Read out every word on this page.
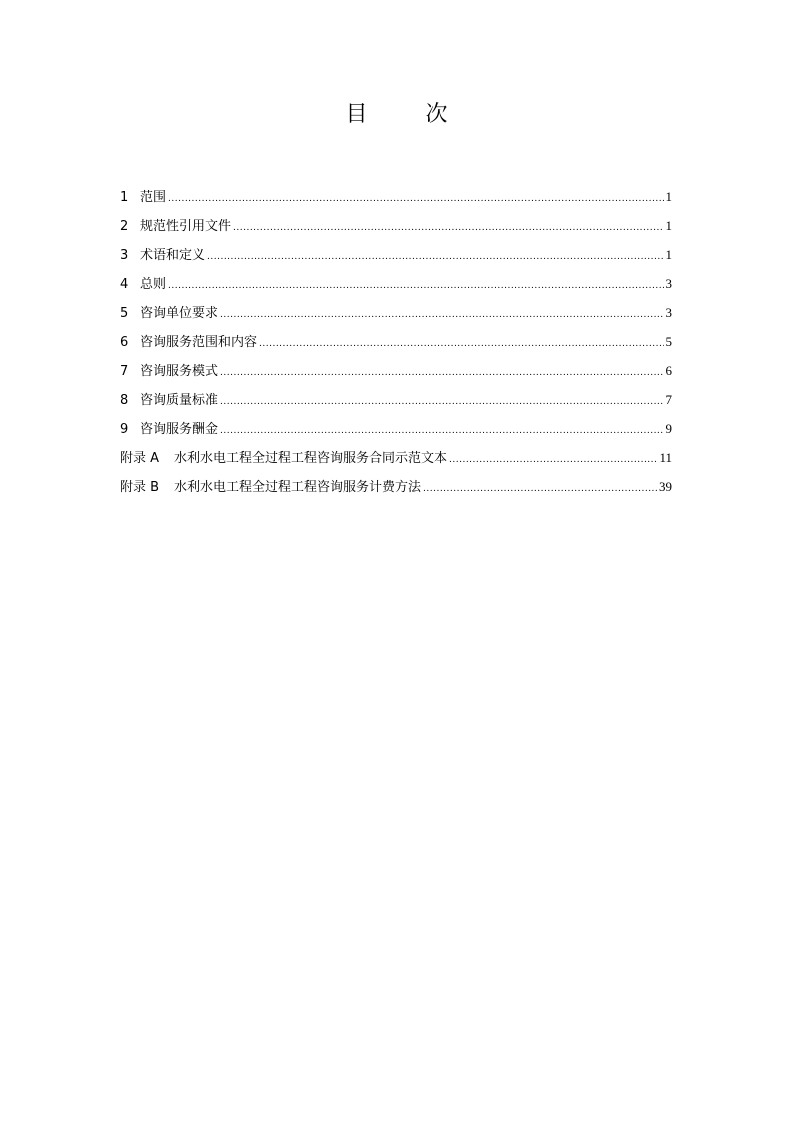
目　次
1 范围 .....	1
2 规范性引用文件 .....	1
3 术语和定义 .....	1
4 总则 .....	3
5 咨询单位要求 .....	3
6 咨询服务范围和内容 .....	5
7 咨询服务模式 .....	6
8 咨询质量标准 .....	7
9 咨询服务酬金 .....	9
附录 A	水利水电工程全过程工程咨询服务合同示范文本 .....	11
附录 B	水利水电工程全过程工程咨询服务计费方法 .....	39
